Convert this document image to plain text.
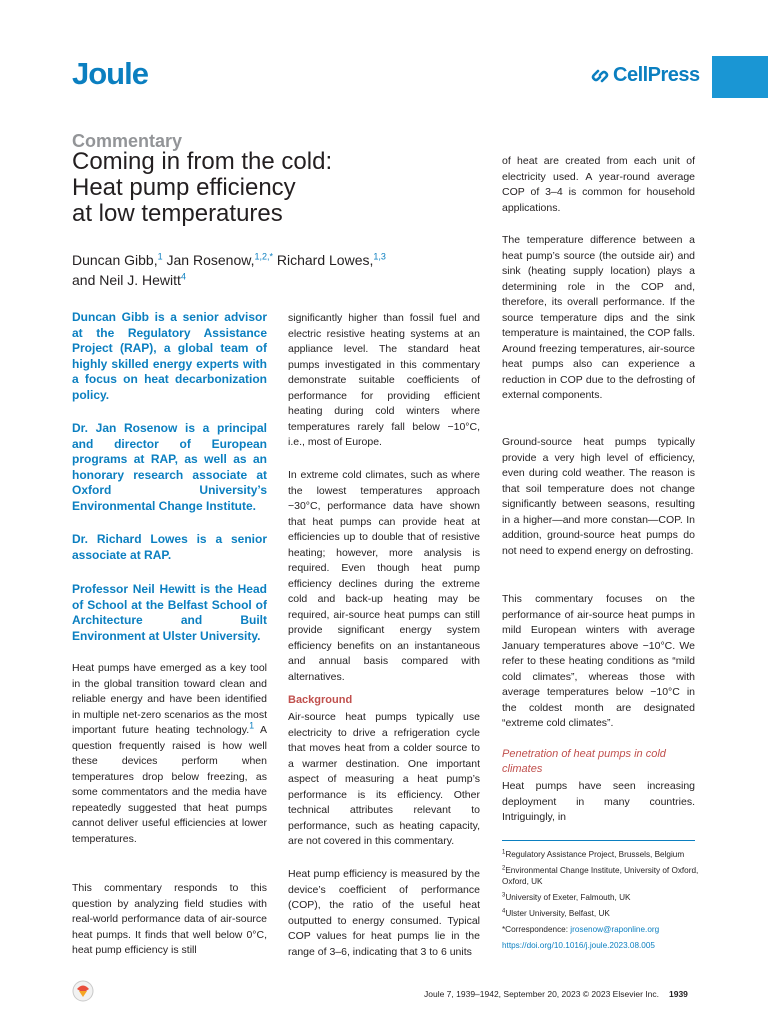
Joule	CellPress
Commentary
Coming in from the cold:
Heat pump efficiency
at low temperatures
Duncan Gibb,$^1$ Jan Rosenow,$^{1,2,*}$ Richard Lowes,$^{1,3}$
and Neil J. Hewitt$^4$

Duncan Gibb is a senior advisor at the Regulatory Assistance Project (RAP), a global team of highly skilled energy experts with a focus on heat decarbonization policy.

Dr. Jan Rosenow is a principal and director of European programs at RAP, as well as an honorary research associate at Oxford University’s Environmental Change Institute.

Dr. Richard Lowes is a senior associate at RAP.

Professor Neil Hewitt is the Head of School at the Belfast School of Architecture and Built Environment at Ulster University.

Heat pumps have emerged as a key tool in the global transition toward clean and reliable energy and have been identified in multiple net-zero scenarios as the most important future heating technology.$^1$ A question frequently raised is how well these devices perform when temperatures drop below freezing, as some commentators and the media have repeatedly suggested that heat pumps cannot deliver useful efficiencies at lower temperatures.

This commentary responds to this question by analyzing field studies with real-world performance data of air-source heat pumps. It finds that well below 0°C, heat pump efficiency is still

significantly higher than fossil fuel and electric resistive heating systems at an appliance level. The standard heat pumps investigated in this commentary demonstrate suitable coefficients of performance for providing efficient heating during cold winters where temperatures rarely fall below −10°C, i.e., most of Europe.

In extreme cold climates, such as where the lowest temperatures approach −30°C, performance data have shown that heat pumps can provide heat at efficiencies up to double that of resistive heating; however, more analysis is required. Even though heat pump efficiency declines during the extreme cold and back-up heating may be required, air-source heat pumps can still provide significant energy system efficiency benefits on an instantaneous and annual basis compared with alternatives.

Background

Air-source heat pumps typically use electricity to drive a refrigeration cycle that moves heat from a colder source to a warmer destination. One important aspect of measuring a heat pump’s performance is its efficiency. Other technical attributes relevant to performance, such as heating capacity, are not covered in this commentary.

Heat pump efficiency is measured by the device’s coefficient of performance (COP), the ratio of the useful heat outputted to energy consumed. Typical COP values for heat pumps lie in the range of 3–6, indicating that 3 to 6 units

of heat are created from each unit of electricity used. A year-round average COP of 3–4 is common for household applications.

The temperature difference between a heat pump’s source (the outside air) and sink (heating supply location) plays a determining role in the COP and, therefore, its overall performance. If the source temperature dips and the sink temperature is maintained, the COP falls. Around freezing temperatures, air-source heat pumps also can experience a reduction in COP due to the defrosting of external components.

Ground-source heat pumps typically provide a very high level of efficiency, even during cold weather. The reason is that soil temperature does not change significantly between seasons, resulting in a higher—and more constan—COP. In addition, ground-source heat pumps do not need to expend energy on defrosting.

This commentary focuses on the performance of air-source heat pumps in mild European winters with average January temperatures above −10°C. We refer to these heating conditions as “mild cold climates”, whereas those with average temperatures below −10°C in the coldest month are designated “extreme cold climates”.

Penetration of heat pumps in cold climates

Heat pumps have seen increasing deployment in many countries. Intriguingly, in

$^1$Regulatory Assistance Project, Brussels, Belgium

$^2$Environmental Change Institute, University of Oxford, Oxford, UK

$^3$University of Exeter, Falmouth, UK

$^4$Ulster University, Belfast, UK

*Correspondence: jrosenow@raponline.org

https://doi.org/10.1016/j.joule.2023.08.005

Joule 7, 1939–1942, September 20, 2023 © 2023 Elsevier Inc. 1939
